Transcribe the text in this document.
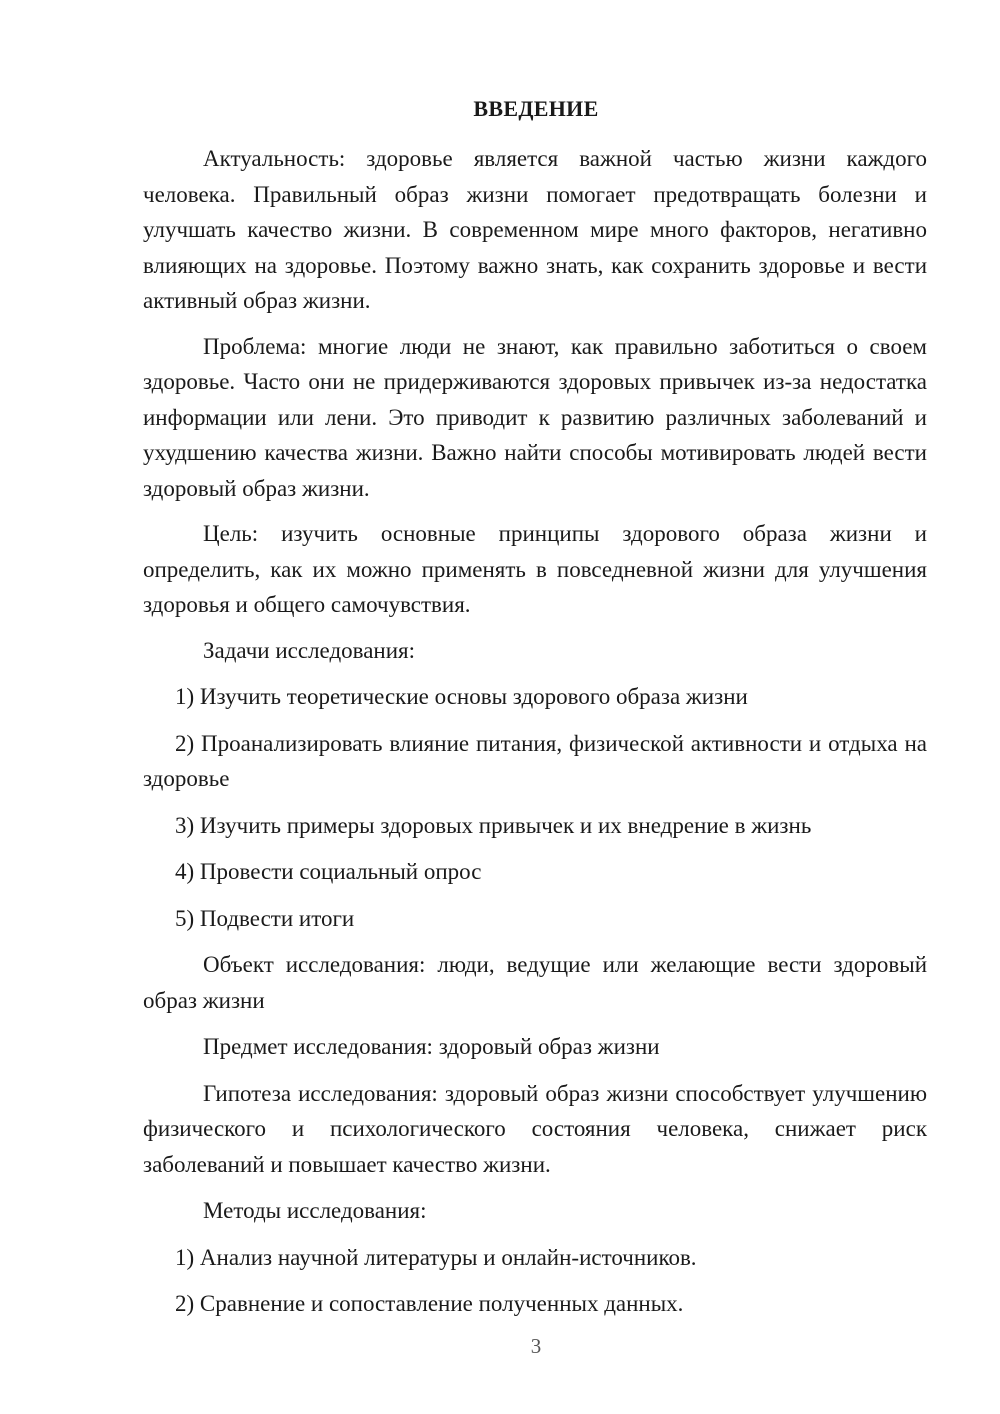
ВВЕДЕНИЕ

Актуальность: здоровье является важной частью жизни каждого человека. Правильный образ жизни помогает предотвращать болезни и улучшать качество жизни. В современном мире много факторов, негативно влияющих на здоровье. Поэтому важно знать, как сохранить здоровье и вести активный образ жизни.

Проблема: многие люди не знают, как правильно заботиться о своем здоровье. Часто они не придерживаются здоровых привычек из-за недостатка информации или лени. Это приводит к развитию различных заболеваний и ухудшению качества жизни. Важно найти способы мотивировать людей вести здоровый образ жизни.

Цель: изучить основные принципы здорового образа жизни и определить, как их можно применять в повседневной жизни для улучшения здоровья и общего самочувствия.

Задачи исследования:

1) Изучить теоретические основы здорового образа жизни

2) Проанализировать влияние питания, физической активности и отдыха на здоровье

3) Изучить примеры здоровых привычек и их внедрение в жизнь

4) Провести социальный опрос

5) Подвести итоги

Объект исследования: люди, ведущие или желающие вести здоровый образ жизни

Предмет исследования: здоровый образ жизни

Гипотеза исследования: здоровый образ жизни способствует улучшению физического и психологического состояния человека, снижает риск заболеваний и повышает качество жизни.

Методы исследования:

1) Анализ научной литературы и онлайн-источников.

2) Сравнение и сопоставление полученных данных.

3
